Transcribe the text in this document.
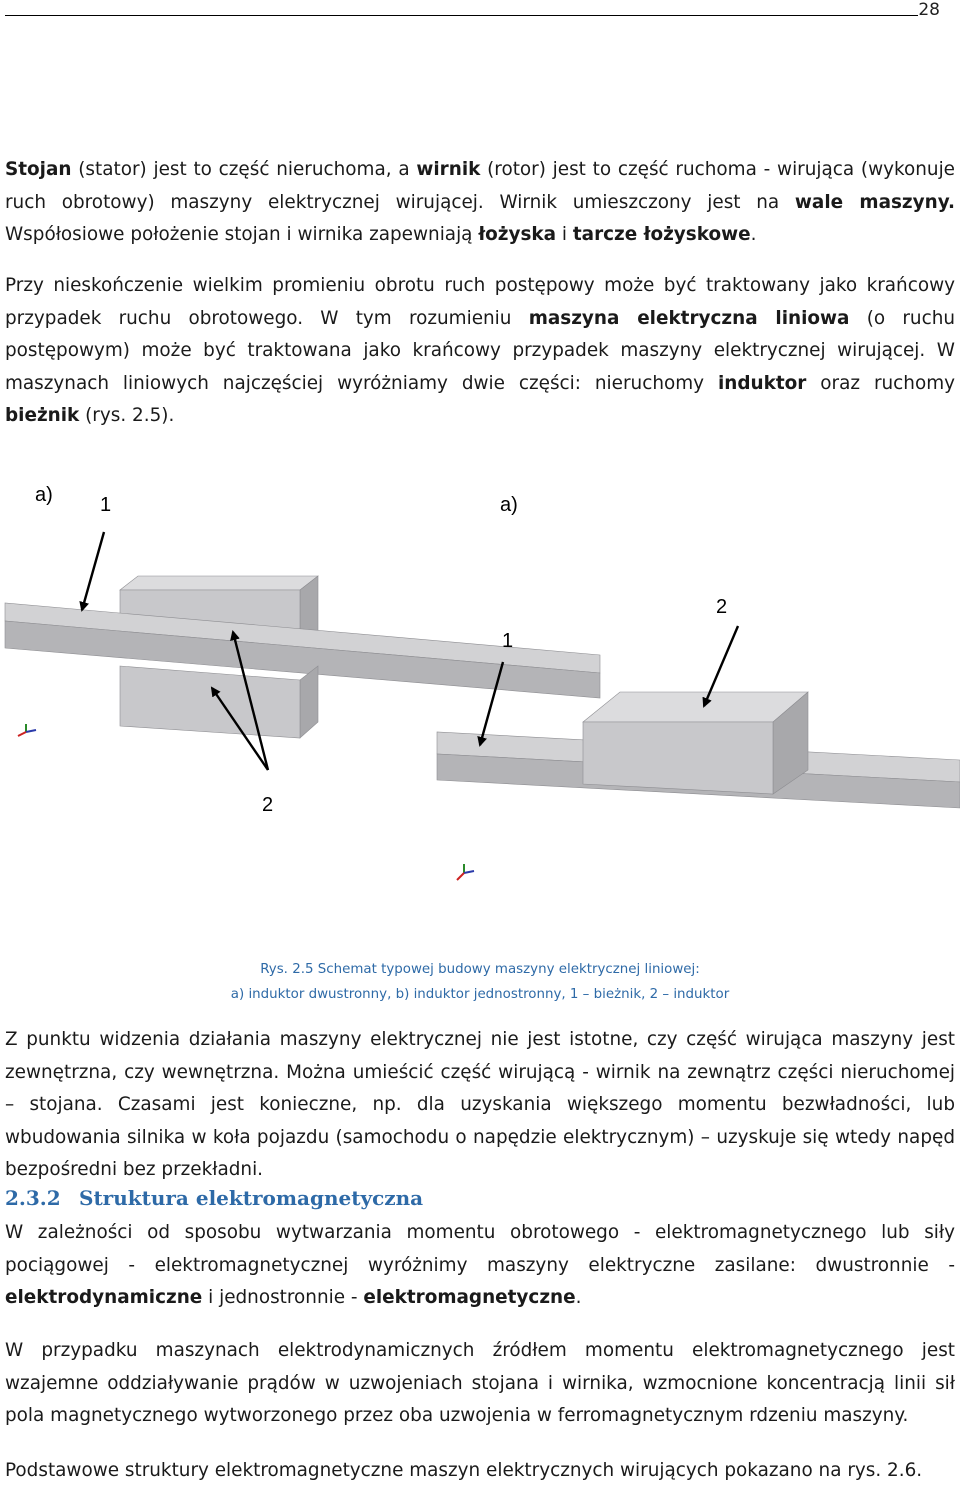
28

Stojan (stator) jest to część nieruchoma, a wirnik (rotor) jest to część ruchoma - wirująca (wykonuje ruch obrotowy) maszyny elektrycznej wirującej. Wirnik umieszczony jest na wale maszyny. Współosiowe położenie stojan i wirnika zapewniają łożyska i tarcze łożyskowe.

Przy nieskończenie wielkim promieniu obrotu ruch postępowy może być traktowany jako krańcowy przypadek ruchu obrotowego. W tym rozumieniu maszyna elektryczna liniowa (o ruchu postępowym) może być traktowana jako krańcowy przypadek maszyny elektrycznej wirującej. W maszynach liniowych najczęściej wyróżniamy dwie części: nieruchomy induktor oraz ruchomy bieżnik (rys. 2.5).

a) 1
2
a)
1
2
Rys. 2.5 Schemat typowej budowy maszyny elektrycznej liniowej:
a) induktor dwustronny, b) induktor jednostronny, 1 – bieżnik, 2 – induktor

Z punktu widzenia działania maszyny elektrycznej nie jest istotne, czy część wirująca maszyny jest zewnętrzna, czy wewnętrzna. Można umieścić część wirującą - wirnik na zewnątrz części nieruchomej – stojana. Czasami jest konieczne, np. dla uzyskania większego momentu bezwładności, lub wbudowania silnika w koła pojazdu (samochodu o napędzie elektrycznym) – uzyskuje się wtedy napęd bezpośredni bez przekładni.

2.3.2 Struktura elektromagnetyczna

W zależności od sposobu wytwarzania momentu obrotowego - elektromagnetycznego lub siły pociągowej - elektromagnetycznej wyróżnimy maszyny elektryczne zasilane: dwustronnie - elektrodynamiczne i jednostronnie - elektromagnetyczne.

W przypadku maszynach elektrodynamicznych źródłem momentu elektromagnetycznego jest wzajemne oddziaływanie prądów w uzwojeniach stojana i wirnika, wzmocnione koncentracją linii sił pola magnetycznego wytworzonego przez oba uzwojenia w ferromagnetycznym rdzeniu maszyny.

Podstawowe struktury elektromagnetyczne maszyn elektrycznych wirujących pokazano na rys. 2.6.
